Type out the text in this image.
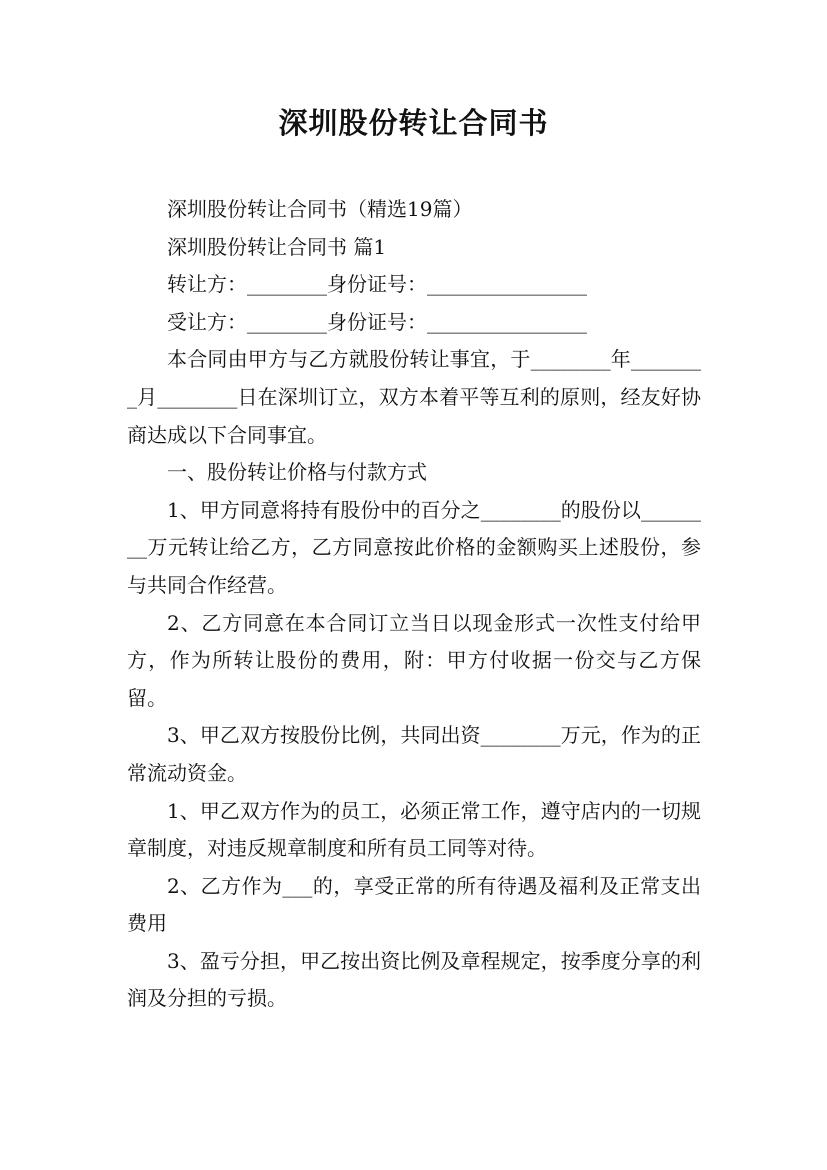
深圳股份转让合同书

深圳股份转让合同书（精选19篇）

深圳股份转让合同书 篇1

转让方：________身份证号：________________

受让方：________身份证号：________________

本合同由甲方与乙方就股份转让事宜，于________年________月________日在深圳订立，双方本着平等互利的原则，经友好协商达成以下合同事宜。

一、股份转让价格与付款方式

1、甲方同意将持有股份中的百分之________的股份以________万元转让给乙方，乙方同意按此价格的金额购买上述股份，参与共同合作经营。

2、乙方同意在本合同订立当日以现金形式一次性支付给甲方，作为所转让股份的费用，附：甲方付收据一份交与乙方保留。

3、甲乙双方按股份比例，共同出资________万元，作为的正常流动资金。

1、甲乙双方作为的员工，必须正常工作，遵守店内的一切规章制度，对违反规章制度和所有员工同等对待。

2、乙方作为___的，享受正常的所有待遇及福利及正常支出费用

3、盈亏分担，甲乙按出资比例及章程规定，按季度分享的利润及分担的亏损。
